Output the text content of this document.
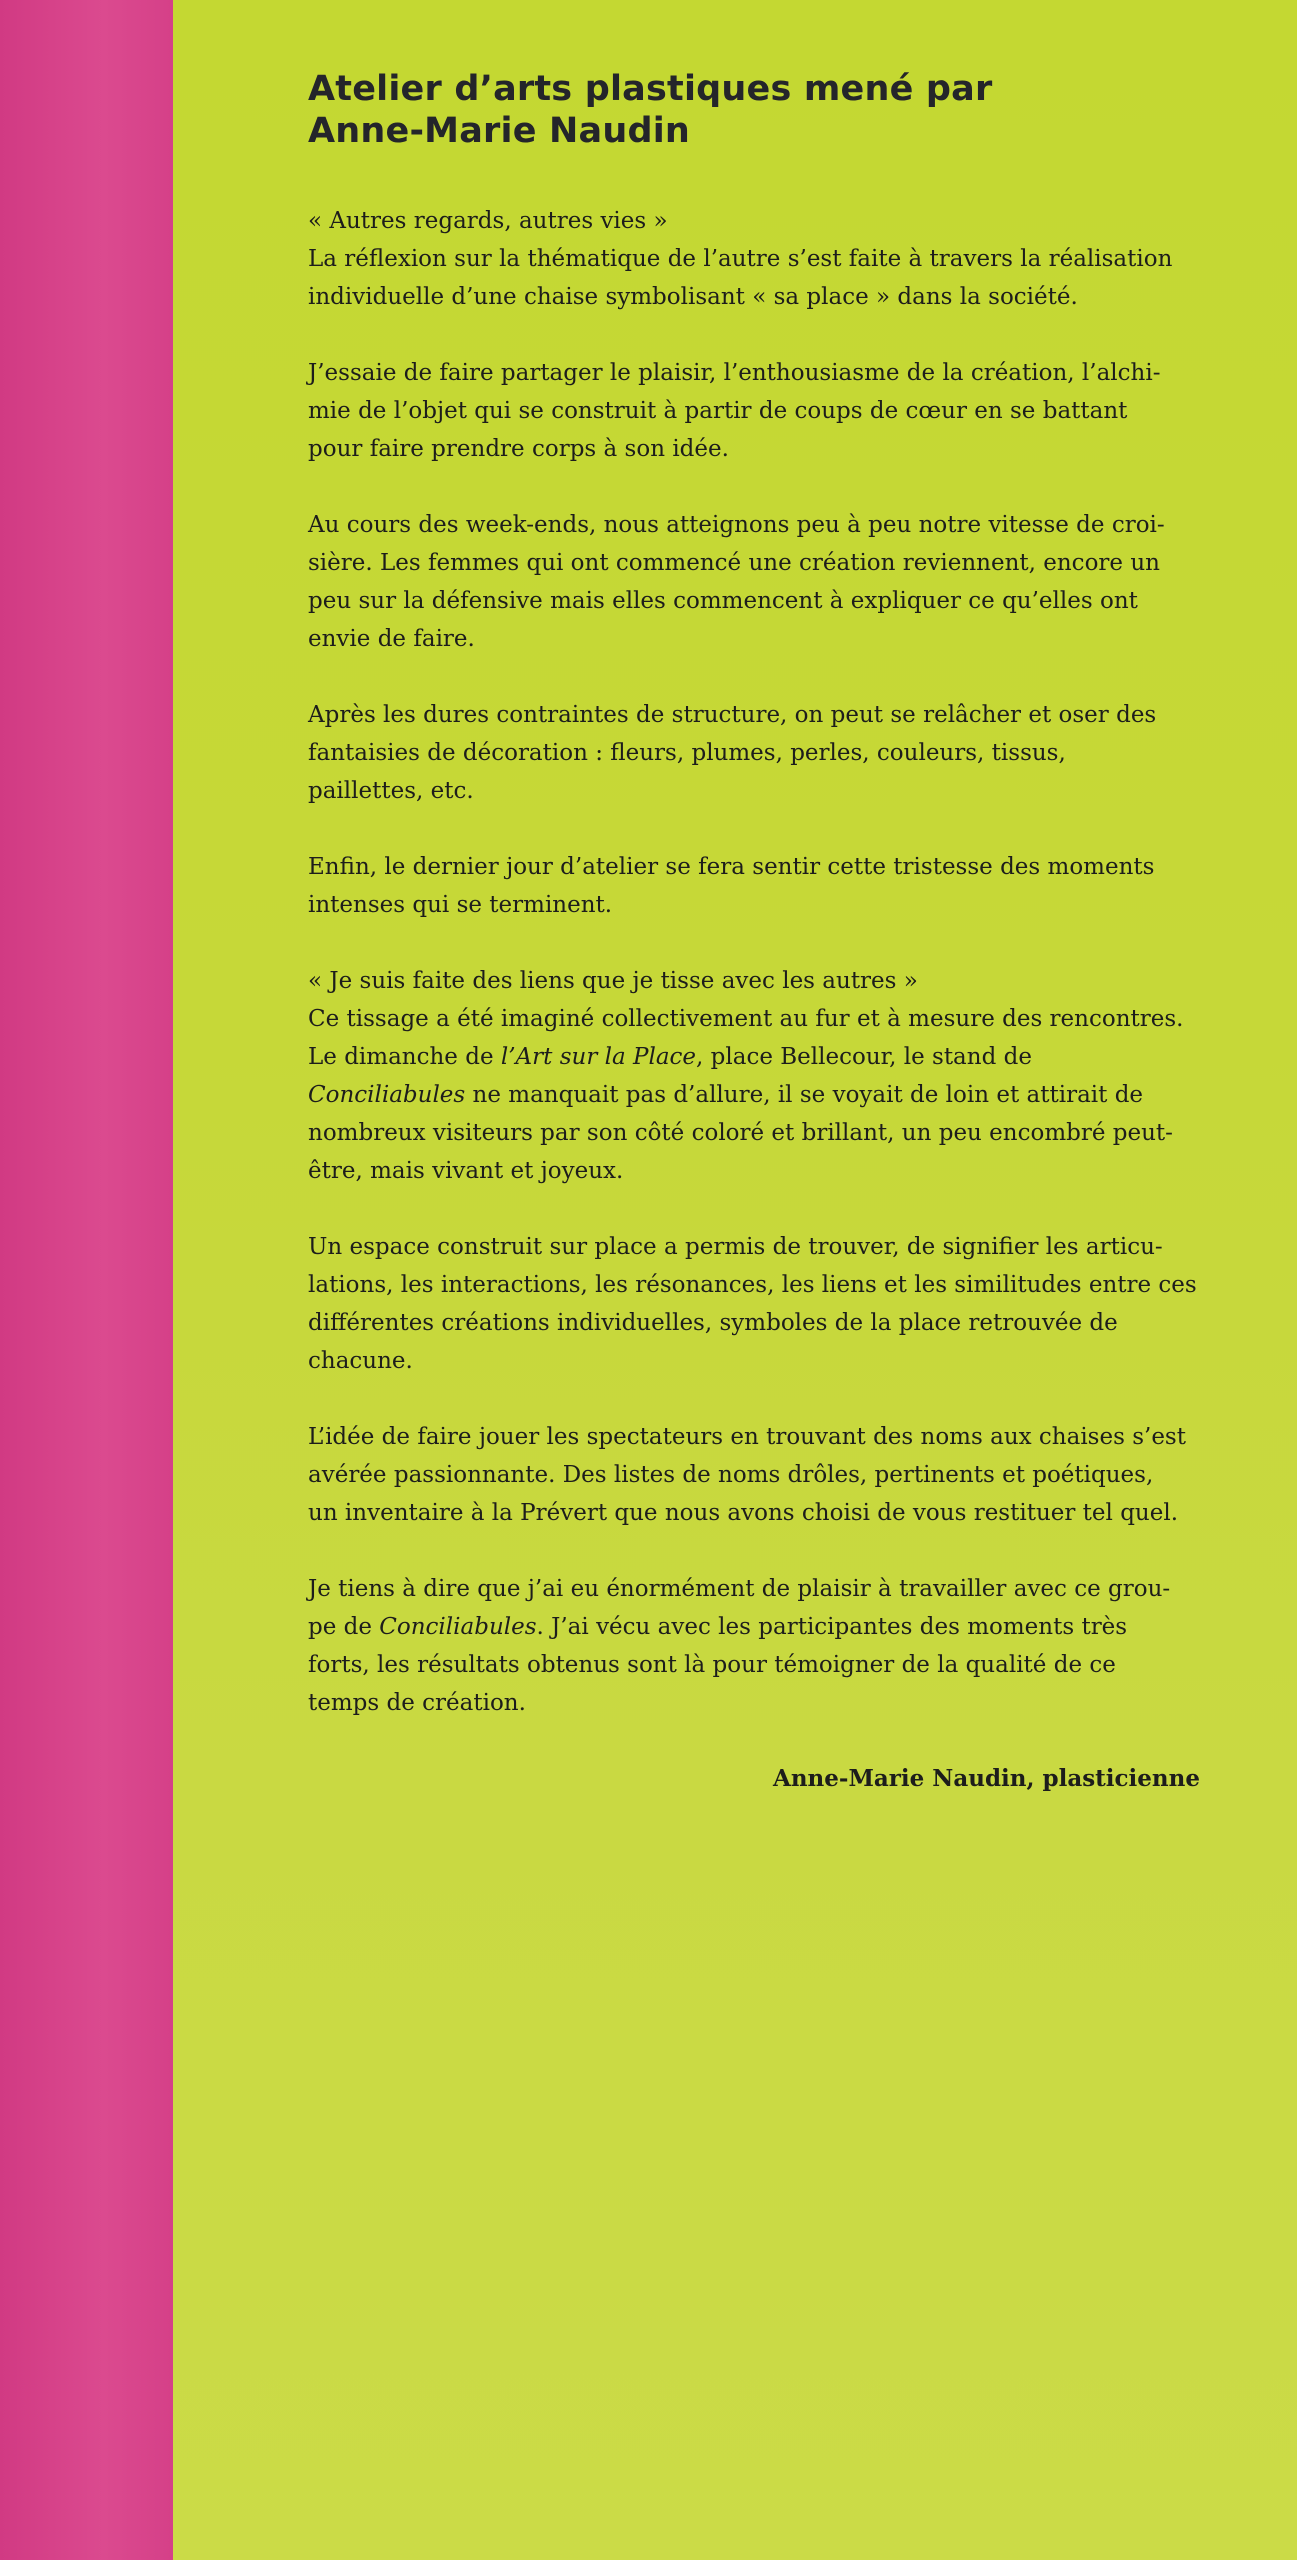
Atelier d’arts plastiques mené par
Anne-Marie Naudin
« Autres regards, autres vies »
La réflexion sur la thématique de l’autre s’est faite à travers la réalisation
individuelle d’une chaise symbolisant « sa place » dans la société.
J’essaie de faire partager le plaisir, l’enthousiasme de la création, l’alchi-
mie de l’objet qui se construit à partir de coups de cœur en se battant
pour faire prendre corps à son idée.
Au cours des week-ends, nous atteignons peu à peu notre vitesse de croi-
sière. Les femmes qui ont commencé une création reviennent, encore un
peu sur la défensive mais elles commencent à expliquer ce qu’elles ont
envie de faire.
Après les dures contraintes de structure, on peut se relâcher et oser des
fantaisies de décoration : fleurs, plumes, perles, couleurs, tissus,
paillettes, etc.
Enfin, le dernier jour d’atelier se fera sentir cette tristesse des moments
intenses qui se terminent.
« Je suis faite des liens que je tisse avec les autres »
Ce tissage a été imaginé collectivement au fur et à mesure des rencontres.
Le dimanche de l’Art sur la Place, place Bellecour, le stand de
Conciliabules ne manquait pas d’allure, il se voyait de loin et attirait de
nombreux visiteurs par son côté coloré et brillant, un peu encombré peut-
être, mais vivant et joyeux.
Un espace construit sur place a permis de trouver, de signifier les articu-
lations, les interactions, les résonances, les liens et les similitudes entre ces
différentes créations individuelles, symboles de la place retrouvée de
chacune.
L’idée de faire jouer les spectateurs en trouvant des noms aux chaises s’est
avérée passionnante. Des listes de noms drôles, pertinents et poétiques,
un inventaire à la Prévert que nous avons choisi de vous restituer tel quel.
Je tiens à dire que j’ai eu énormément de plaisir à travailler avec ce grou-
pe de Conciliabules. J’ai vécu avec les participantes des moments très
forts, les résultats obtenus sont là pour témoigner de la qualité de ce
temps de création.
Anne-Marie Naudin, plasticienne
